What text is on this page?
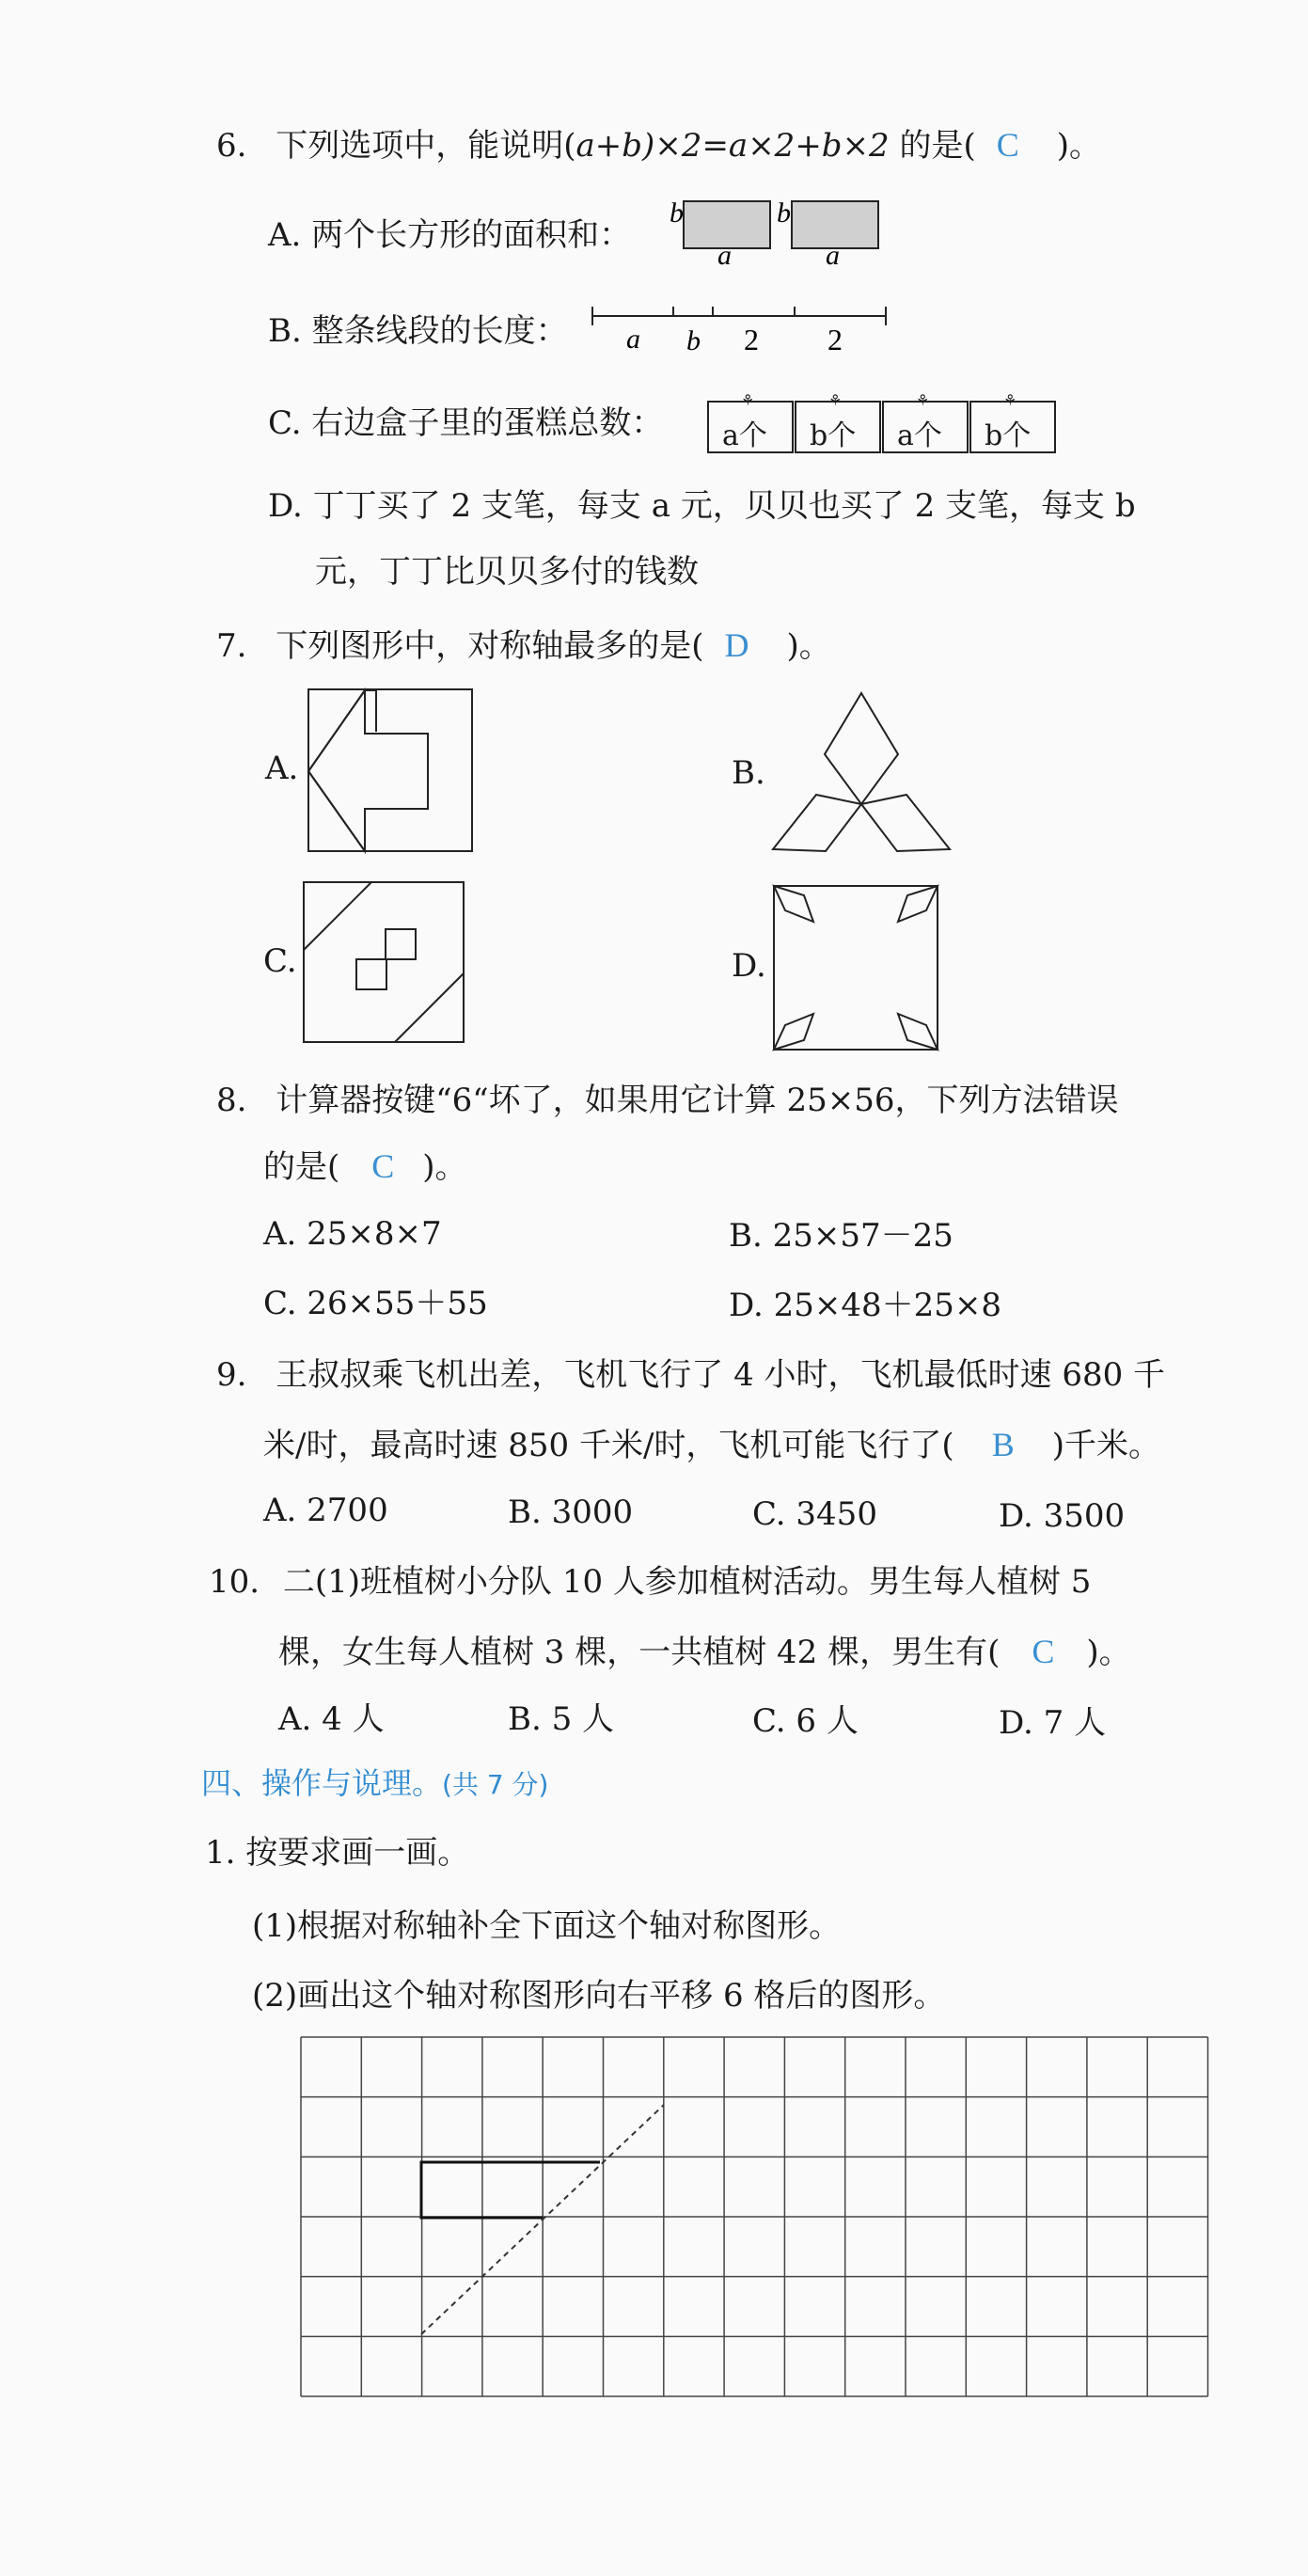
6. 下列选项中，能说明(a+b)×2=a×2+b×2 的是( C )。
A. 两个长方形的面积和：
b
a
b
a
B. 整条线段的长度： a b 2 2
C. 右边盒子里的蛋糕总数：
⚘
a个
⚘
b个
⚘
a个
⚘
b个
D. 丁丁买了 2 支笔，每支 a 元，贝贝也买了 2 支笔，每支 b
元，丁丁比贝贝多付的钱数
7. 下列图形中，对称轴最多的是( D )。
A.	B.
C.	D.
8. 计算器按键“6“坏了，如果用它计算 25×56，下列方法错误
的是( C )。
A. 25×8×7	B. 25×57－25
C. 26×55＋55	D. 25×48＋25×8
9. 王叔叔乘飞机出差，飞机飞行了 4 小时，飞机最低时速 680 千
米/时，最高时速 850 千米/时，飞机可能飞行了( B )千米。
A. 2700	B. 3000	C. 3450	D. 3500
10. 二(1)班植树小分队 10 人参加植树活动。男生每人植树 5
棵，女生每人植树 3 棵，一共植树 42 棵，男生有( C )。
A. 4 人	B. 5 人	C. 6 人	D. 7 人
四、操作与说理。(共 7 分)
1. 按要求画一画。
(1)根据对称轴补全下面这个轴对称图形。
(2)画出这个轴对称图形向右平移 6 格后的图形。
